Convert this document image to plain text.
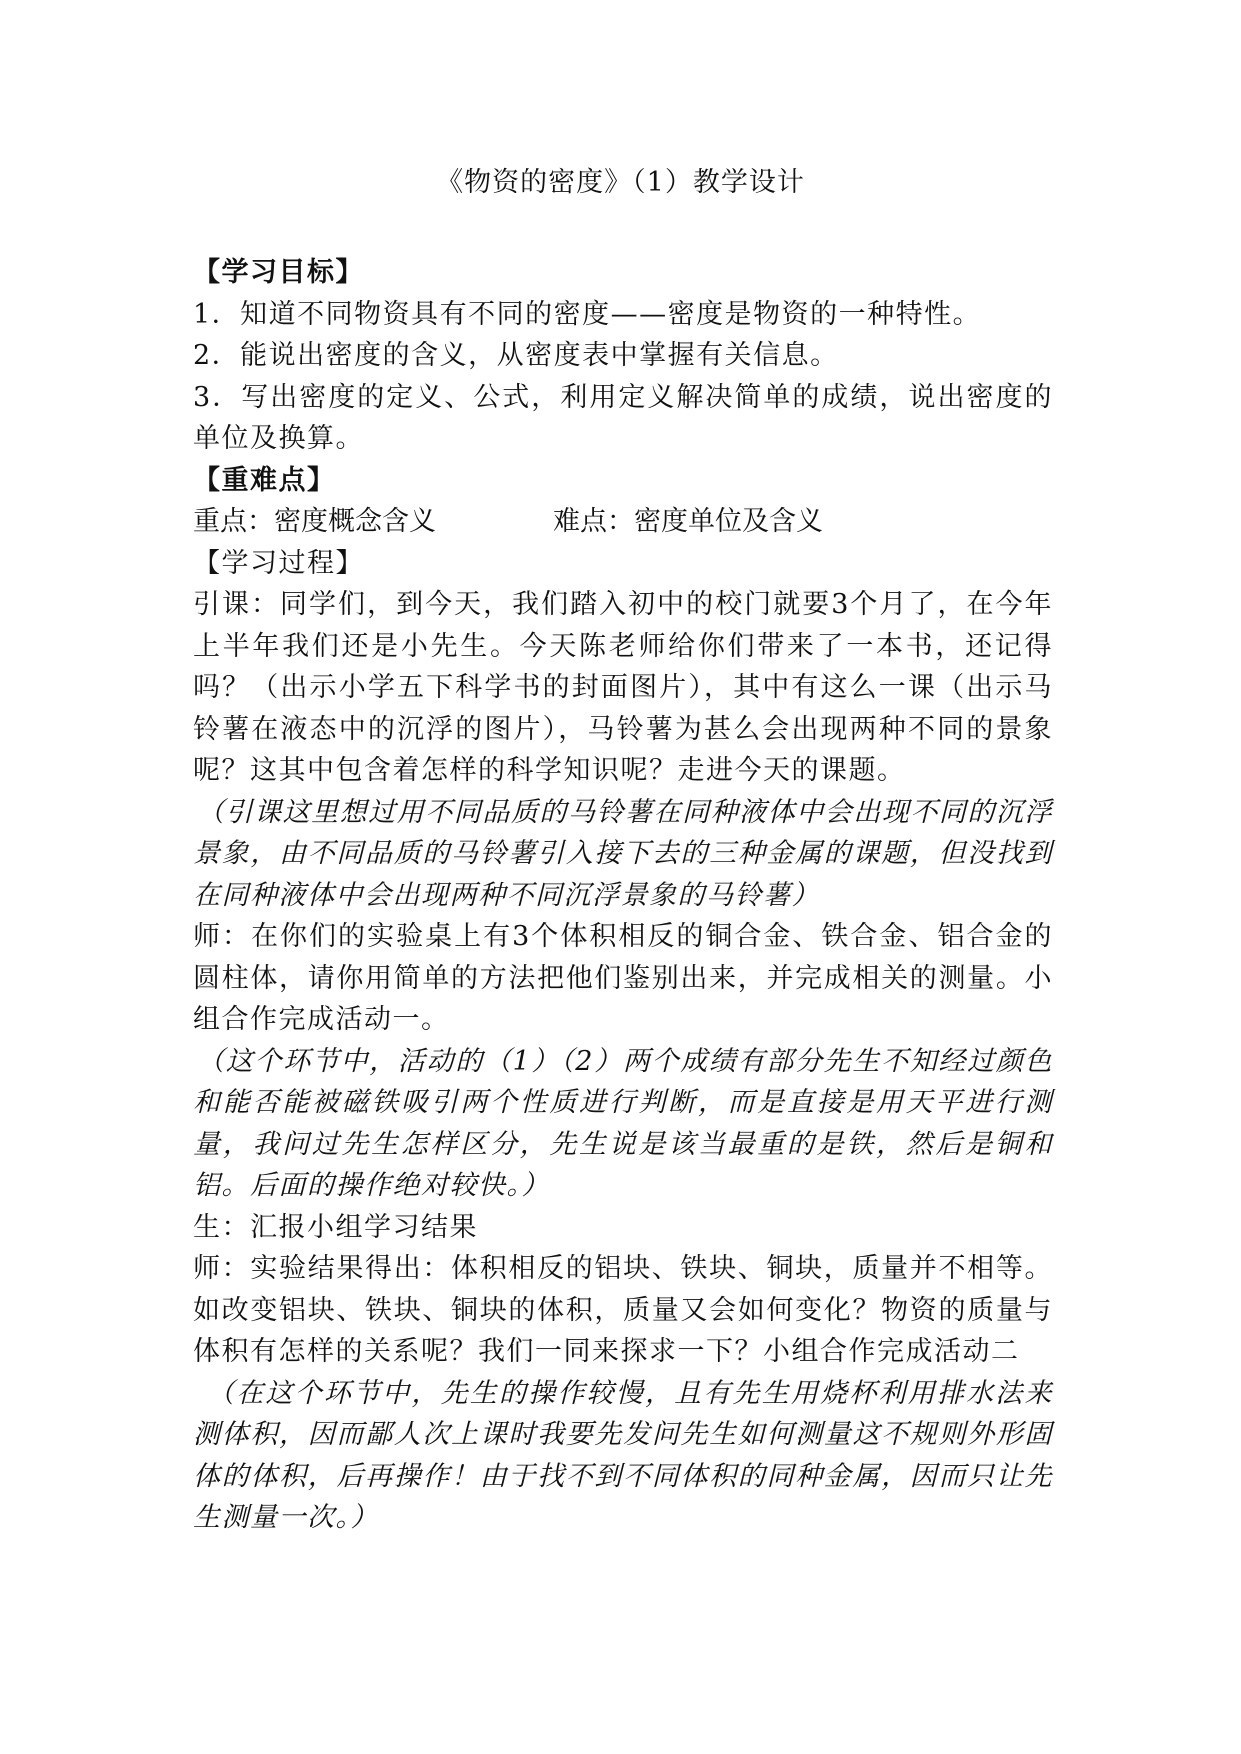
《物资的密度》（1）教学设计

【学习目标】

1．知道不同物资具有不同的密度——密度是物资的一种特性。

2．能说出密度的含义，从密度表中掌握有关信息。

3．写出密度的定义、公式，利用定义解决简单的成绩，说出密度的单位及换算。

【重难点】

重点：密度概念含义	难点：密度单位及含义

【学习过程】

引课：同学们，到今天，我们踏入初中的校门就要3个月了，在今年上半年我们还是小先生。今天陈老师给你们带来了一本书，还记得吗？（出示小学五下科学书的封面图片），其中有这么一课（出示马铃薯在液态中的沉浮的图片），马铃薯为甚么会出现两种不同的景象呢？这其中包含着怎样的科学知识呢？走进今天的课题。

（引课这里想过用不同品质的马铃薯在同种液体中会出现不同的沉浮景象，由不同品质的马铃薯引入接下去的三种金属的课题，但没找到在同种液体中会出现两种不同沉浮景象的马铃薯）

师：在你们的实验桌上有3个体积相反的铜合金、铁合金、铝合金的圆柱体，请你用简单的方法把他们鉴别出来，并完成相关的测量。小组合作完成活动一。

（这个环节中，活动的（1）（2）两个成绩有部分先生不知经过颜色和能否能被磁铁吸引两个性质进行判断，而是直接是用天平进行测量，我问过先生怎样区分，先生说是该当最重的是铁，然后是铜和铝。后面的操作绝对较快。）

生：汇报小组学习结果

师：实验结果得出：体积相反的铝块、铁块、铜块，质量并不相等。如改变铝块、铁块、铜块的体积，质量又会如何变化？物资的质量与体积有怎样的关系呢？我们一同来探求一下？小组合作完成活动二

（在这个环节中，先生的操作较慢，且有先生用烧杯利用排水法来测体积，因而鄙人次上课时我要先发问先生如何测量这不规则外形固体的体积，后再操作！由于找不到不同体积的同种金属，因而只让先生测量一次。）
